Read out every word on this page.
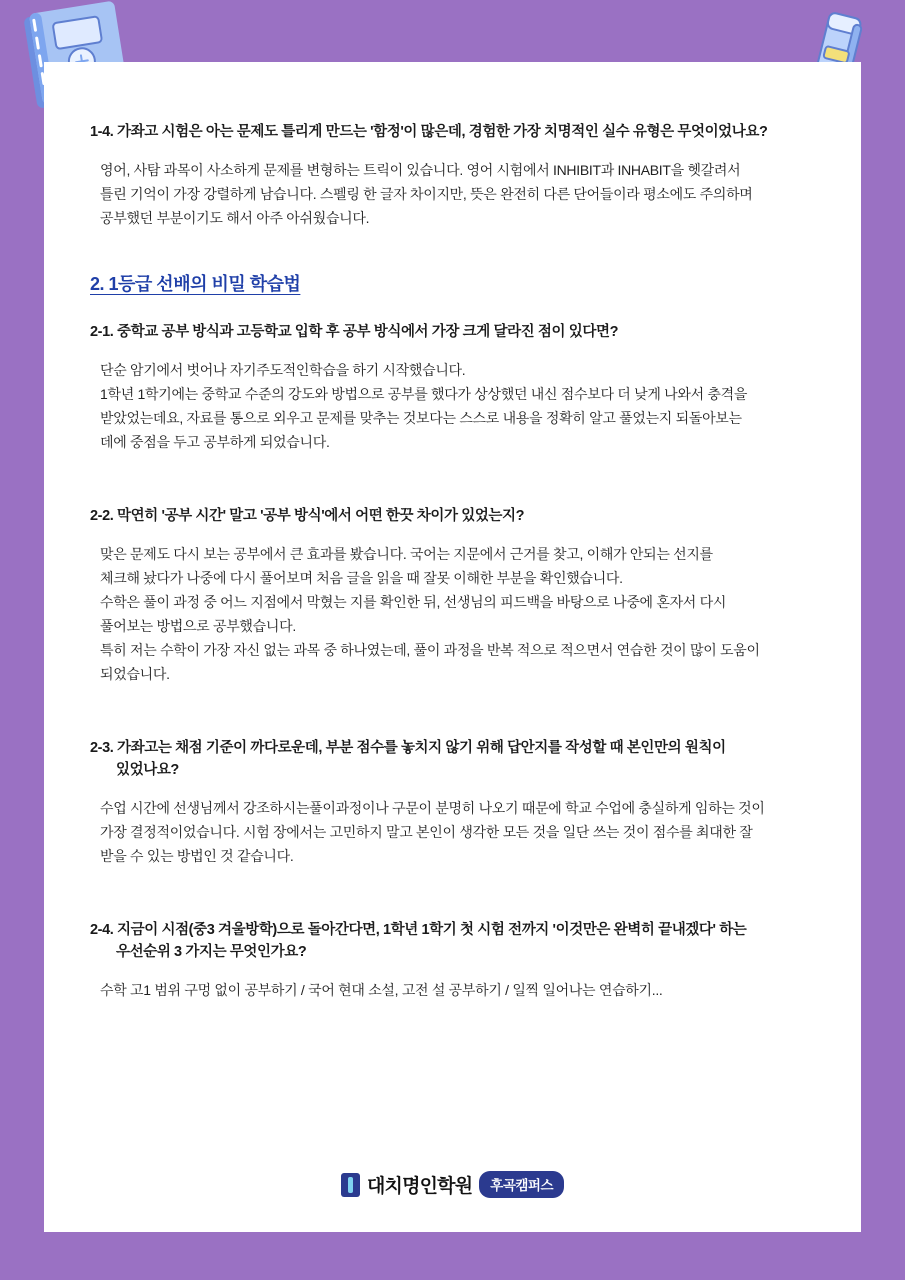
1-4. 가좌고 시험은 아는 문제도 틀리게 만드는 '함정'이 많은데, 경험한 가장 치명적인 실수 유형은 무엇이었나요?
영어, 사탐 과목이 사소하게 문제를 변형하는 트릭이 있습니다. 영어 시험에서 INHIBIT과 INHABIT을 헷갈려서
틀린 기억이 가장 강렬하게 남습니다. 스펠링 한 글자 차이지만, 뜻은 완전히 다른 단어들이라 평소에도 주의하며
공부했던 부분이기도 해서 아주 아쉬웠습니다.
2. 1등급 선배의 비밀 학습법
2-1. 중학교 공부 방식과 고등학교 입학 후 공부 방식에서 가장 크게 달라진 점이 있다면?
단순 암기에서 벗어나 자기주도적인학습을 하기 시작했습니다.
1학년 1학기에는 중학교 수준의 강도와 방법으로 공부를 했다가 상상했던 내신 점수보다 더 낮게 나와서 충격을
받았었는데요, 자료를 통으로 외우고 문제를 맞추는 것보다는 스스로 내용을 정확히 알고 풀었는지 되돌아보는
데에 중점을 두고 공부하게 되었습니다.
2-2. 막연히 '공부 시간' 말고 '공부 방식'에서 어떤 한끗 차이가 있었는지?
맞은 문제도 다시 보는 공부에서 큰 효과를 봤습니다. 국어는 지문에서 근거를 찾고, 이해가 안되는 선지를
체크해 놨다가 나중에 다시 풀어보며 처음 글을 읽을 때 잘못 이해한 부분을 확인했습니다.
수학은 풀이 과정 중 어느 지점에서 막혔는 지를 확인한 뒤, 선생님의 피드백을 바탕으로 나중에 혼자서 다시
풀어보는 방법으로 공부했습니다.
특히 저는 수학이 가장 자신 없는 과목 중 하나였는데, 풀이 과정을 반복 적으로 적으면서 연습한 것이 많이 도움이
되었습니다.
2-3. 가좌고는 채점 기준이 까다로운데, 부분 점수를 놓치지 않기 위해 답안지를 작성할 때 본인만의 원칙이
있었나요?
수업 시간에 선생님께서 강조하시는풀이과정이나 구문이 분명히 나오기 때문에 학교 수업에 충실하게 임하는 것이
가장 결정적이었습니다. 시험 장에서는 고민하지 말고 본인이 생각한 모든 것을 일단 쓰는 것이 점수를 최대한 잘
받을 수 있는 방법인 것 같습니다.
2-4. 지금이 시점(중3 겨울방학)으로 돌아간다면, 1학년 1학기 첫 시험 전까지 '이것만은 완벽히 끝내겠다' 하는
우선순위 3 가지는 무엇인가요?
수학 고1 범위 구멍 없이 공부하기 / 국어 현대 소설, 고전 설 공부하기 / 일찍 일어나는 연습하기...
대치명인학원	후곡캠퍼스
